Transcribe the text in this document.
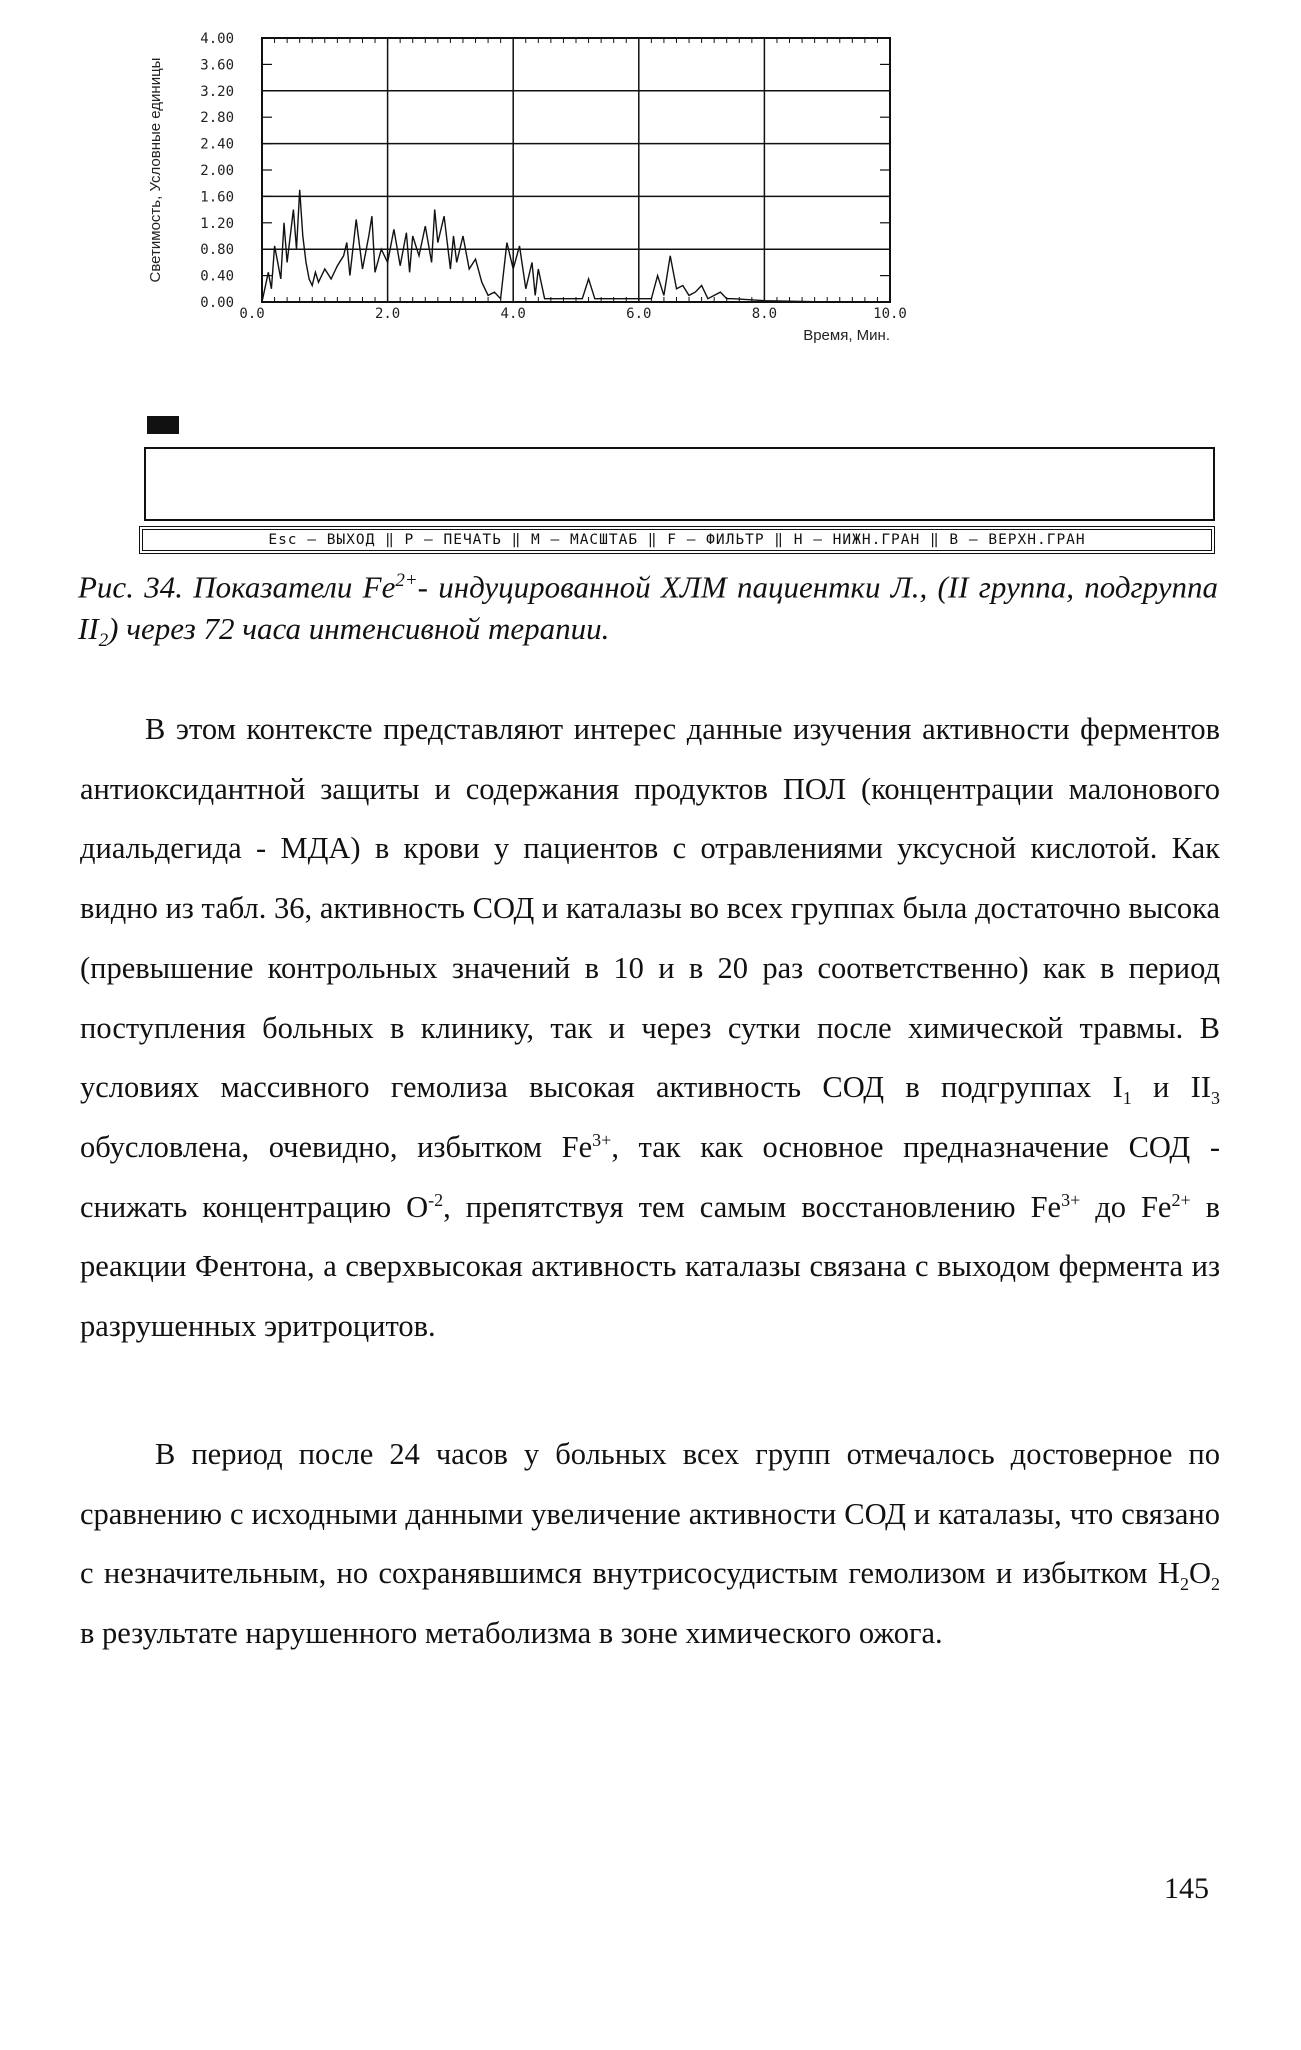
4.00
3.60
3.20
2.80
2.40
2.00
1.60
1.20
0.80
0.40
0.00
0.0	2.0	4.0	6.0	8.0	10.0
Время, Мин.
Светимость, Условные единицы
Esc – ВЫХОД ‖ P – ПЕЧАТЬ ‖ M – МАСШТАБ ‖ F – ФИЛЬТР ‖ H – НИЖН.ГРАН ‖ B – ВЕРХН.ГРАН
Рис. 34. Показатели $Fe^{2+}-$ индуцированной ХЛМ пациентки Л., (II группа, подгруппа $II_2$) через 72 часа интенсивной терапии.

В этом контексте представляют интерес данные изучения активности ферментов антиоксидантной защиты и содержания продуктов ПОЛ (концентрации малонового диальдегида - МДА) в крови у пациентов с отравлениями уксусной кислотой. Как видно из табл. 36, активность СОД и каталазы во всех группах была достаточно высока (превышение контрольных значений в 10 и в 20 раз соответственно) как в период поступления больных в клинику, так и через сутки после химической травмы. В условиях массивного гемолиза высокая активность СОД в подгруппах $I_1$ и $II_3$ обусловлена, очевидно, избытком $Fe^{3+}$, так как основное предназначение СОД - снижать концентрацию $O^{-2}$, препятствуя тем самым восстановлению $Fe^{3+}$ до $Fe^{2+}$ в реакции Фентона, а сверхвысокая активность каталазы связана с выходом фермента из разрушенных эритроцитов.

В период после 24 часов у больных всех групп отмечалось достоверное по сравнению с исходными данными увеличение активности СОД и каталазы, что связано с незначительным, но сохранявшимся внутрисосудистым гемолизом и избытком $H_2O_2$ в результате нарушенного метаболизма в зоне химического ожога.

145
